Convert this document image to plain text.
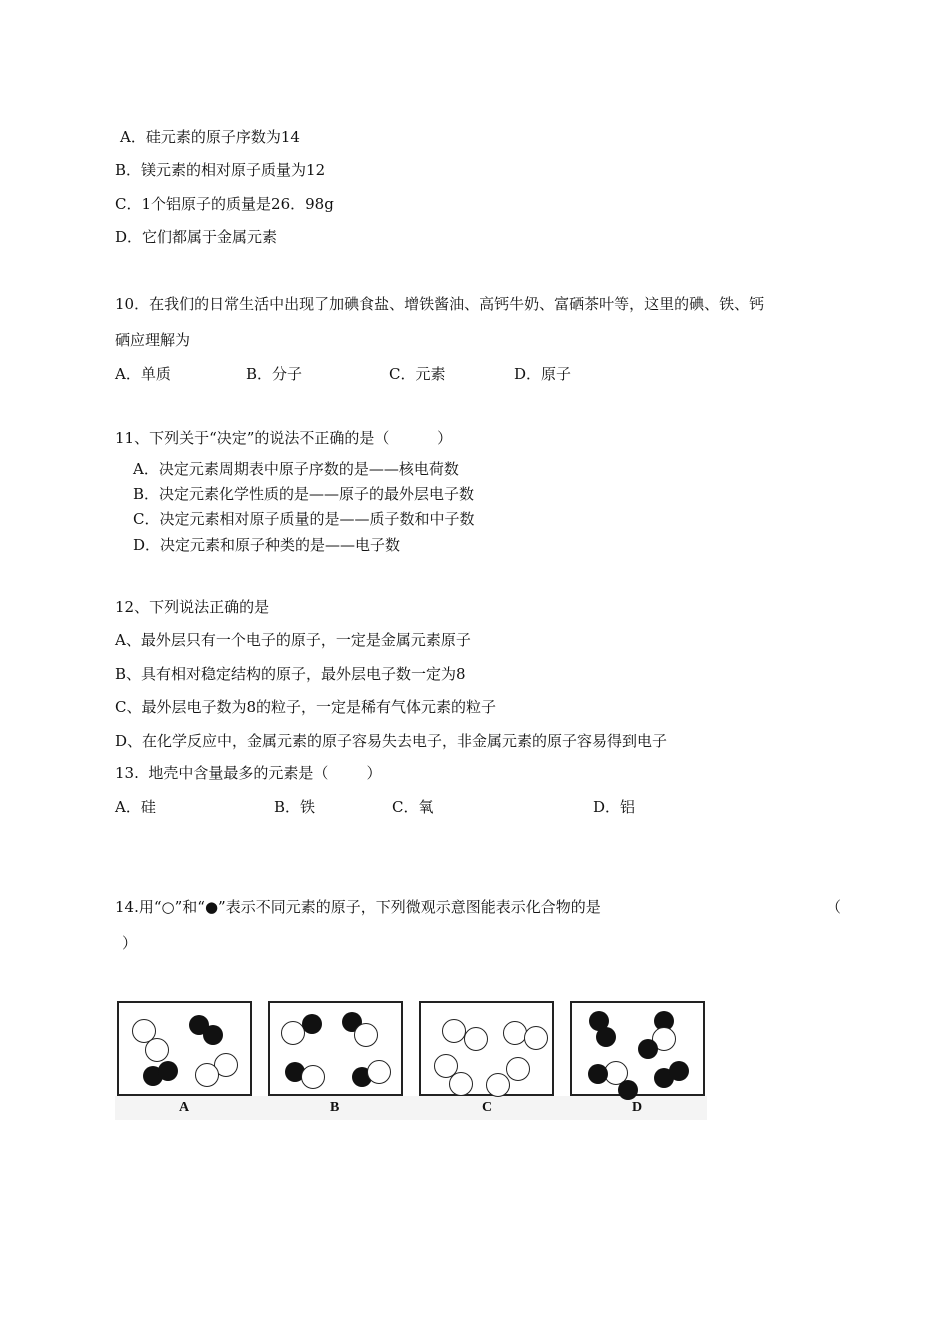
A．硅元素的原子序数为14
B．镁元素的相对原子质量为12
C．1个铝原子的质量是26．98g
D．它们都属于金属元素
10．在我们的日常生活中出现了加碘食盐、增铁酱油、高钙牛奶、富硒茶叶等，这里的碘、铁、钙
硒应理解为
A．单质	B．分子	C．元素	D．原子
11、下列关于“决定”的说法不正确的是（          ）
A．决定元素周期表中原子序数的是——核电荷数
B．决定元素化学性质的是——原子的最外层电子数
C．决定元素相对原子质量的是——质子数和中子数
D．决定元素和原子种类的是——电子数
12、下列说法正确的是
A、最外层只有一个电子的原子，一定是金属元素原子
B、具有相对稳定结构的原子，最外层电子数一定为8
C、最外层电子数为8的粒子，一定是稀有气体元素的粒子
D、在化学反应中，金属元素的原子容易失去电子，非金属元素的原子容易得到电子
13.  地壳中含量最多的元素是（        ）
A．硅	B．铁	C．氧	D．铝
14.用“○”和“●”表示不同元素的原子，下列微观示意图能表示化合物的是	（
）
A	B	C	D
